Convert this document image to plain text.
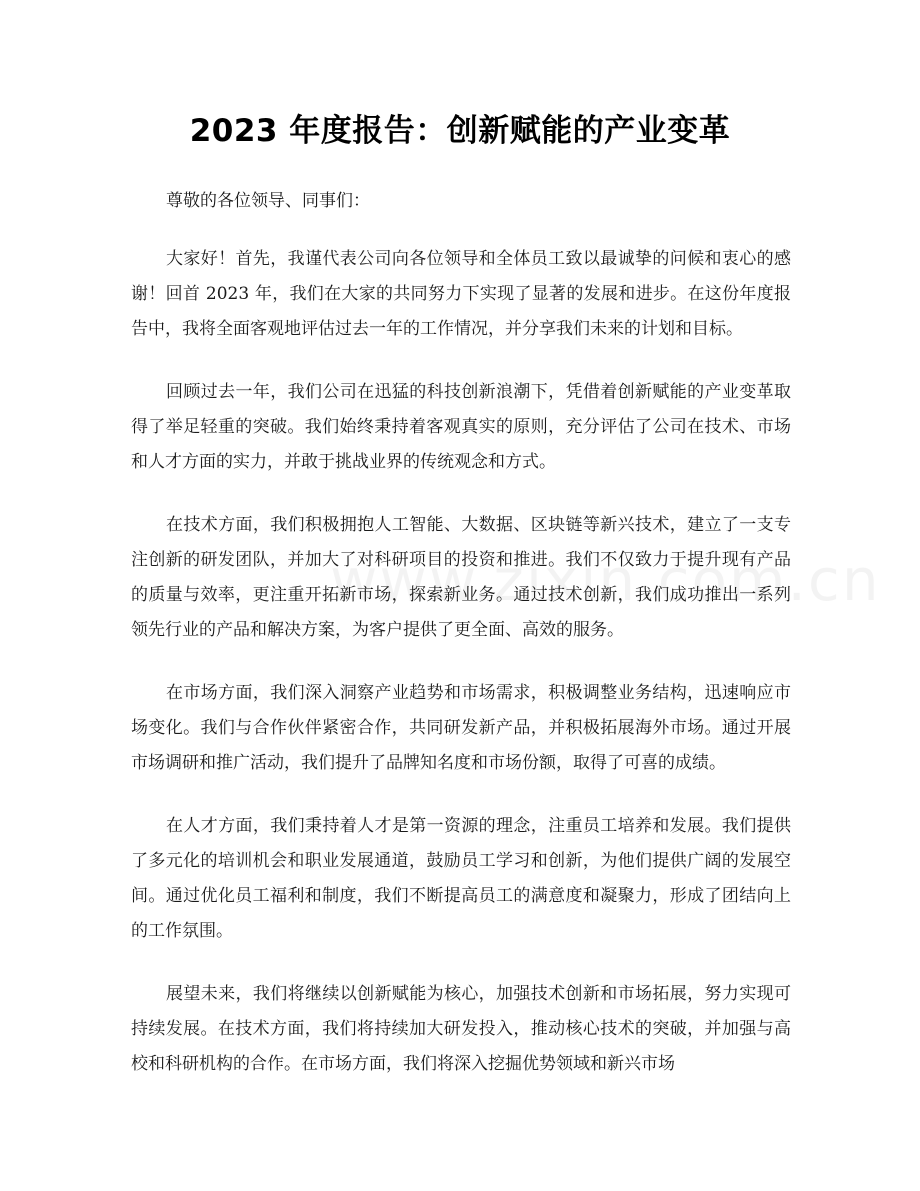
2023 年度报告：创新赋能的产业变革

尊敬的各位领导、同事们：

大家好！首先，我谨代表公司向各位领导和全体员工致以最诚挚的问候和衷心的感谢！回首 2023 年，我们在大家的共同努力下实现了显著的发展和进步。在这份年度报告中，我将全面客观地评估过去一年的工作情况，并分享我们未来的计划和目标。

回顾过去一年，我们公司在迅猛的科技创新浪潮下，凭借着创新赋能的产业变革取得了举足轻重的突破。我们始终秉持着客观真实的原则，充分评估了公司在技术、市场和人才方面的实力，并敢于挑战业界的传统观念和方式。

在技术方面，我们积极拥抱人工智能、大数据、区块链等新兴技术，建立了一支专注创新的研发团队，并加大了对科研项目的投资和推进。我们不仅致力于提升现有产品的质量与效率，更注重开拓新市场，探索新业务。通过技术创新，我们成功推出一系列领先行业的产品和解决方案，为客户提供了更全面、高效的服务。

在市场方面，我们深入洞察产业趋势和市场需求，积极调整业务结构，迅速响应市场变化。我们与合作伙伴紧密合作，共同研发新产品，并积极拓展海外市场。通过开展市场调研和推广活动，我们提升了品牌知名度和市场份额，取得了可喜的成绩。

在人才方面，我们秉持着人才是第一资源的理念，注重员工培养和发展。我们提供了多元化的培训机会和职业发展通道，鼓励员工学习和创新，为他们提供广阔的发展空间。通过优化员工福利和制度，我们不断提高员工的满意度和凝聚力，形成了团结向上的工作氛围。

展望未来，我们将继续以创新赋能为核心，加强技术创新和市场拓展，努力实现可持续发展。在技术方面，我们将持续加大研发投入，推动核心技术的突破，并加强与高校和科研机构的合作。在市场方面，我们将深入挖掘优势领域和新兴市场
